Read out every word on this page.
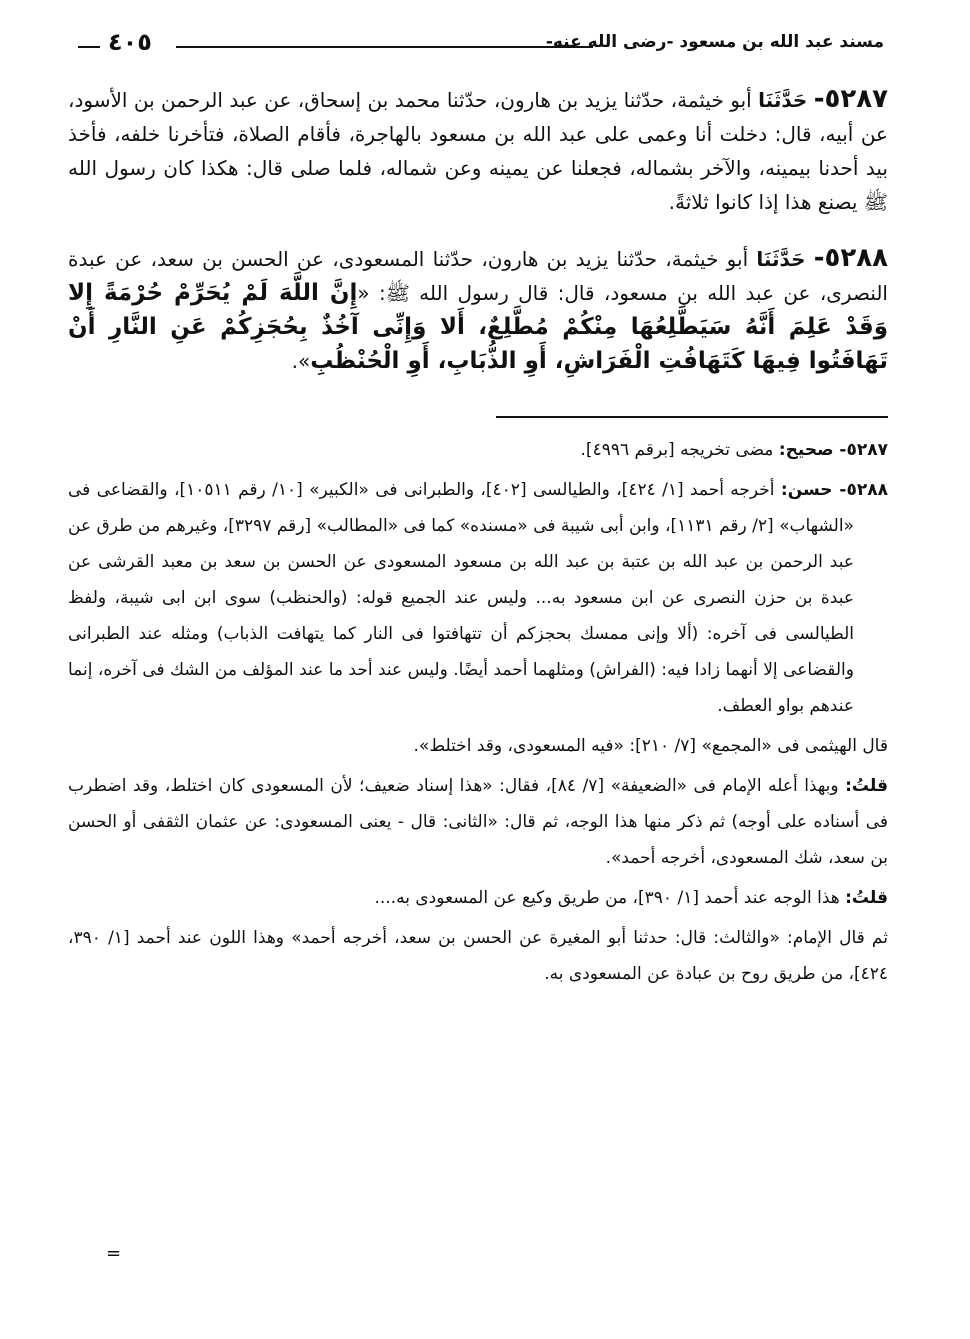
٤٠٥	مسند عبد الله بن مسعود -رضى الله عنه-

٥٢٨٧- حَدَّثَنَا أبو خيثمة، حدّثنا يزيد بن هارون، حدّثنا محمد بن إسحاق، عن عبد الرحمن بن الأسود، عن أبيه، قال: دخلت أنا وعمى على عبد الله بن مسعود بالهاجرة، فأقام الصلاة، فتأخرنا خلفه، فأخذ بيد أحدنا بيمينه، والآخر بشماله، فجعلنا عن يمينه وعن شماله، فلما صلى قال: هكذا كان رسول الله ﷺ يصنع هذا إذا كانوا ثلاثةً.

٥٢٨٨- حَدَّثَنَا أبو خيثمة، حدّثنا يزيد بن هارون، حدّثنا المسعودى، عن الحسن بن سعد، عن عبدة النصرى، عن عبد الله بن مسعود، قال: قال رسول الله ﷺ: «إِنَّ اللَّهَ لَمْ يُحَرِّمْ حُرْمَةً إِلا وَقَدْ عَلِمَ أَنَّهُ سَيَطَّلِعُهَا مِنْكُمْ مُطَّلِعٌ، أَلا وَإِنِّى آخُذٌ بِحُجَزِكُمْ عَنِ النَّارِ أَنْ تَهَافَتُوا فِيهَا كَتَهَافُتِ الْفَرَاشِ، أَوِ الذُّبَابِ، أَوِ الْحُنْظُبِ».

٥٢٨٧- صحيح: مضى تخريجه [برقم ٤٩٩٦].

٥٢٨٨- حسن: أخرجه أحمد [١/ ٤٢٤]، والطيالسى [٤٠٢]، والطبرانى فى «الكبير» [١٠/ رقم ١٠٥١١]، والقضاعى فى «الشهاب» [٢/ رقم ١١٣١]، وابن أبى شيبة فى «مسنده» كما فى «المطالب» [رقم ٣٢٩٧]، وغيرهم من طرق عن عبد الرحمن بن عبد الله بن عتبة بن عبد الله بن مسعود المسعودى عن الحسن بن سعد بن معبد القرشى عن عبدة بن حزن النصرى عن ابن مسعود به... وليس عند الجميع قوله: (والحنظب) سوى ابن ابى شيبة، ولفظ الطيالسى فى آخره: (ألا وإنى ممسك بحجزكم أن تتهافتوا فى النار كما يتهافت الذباب) ومثله عند الطبرانى والقضاعى إلا أنهما زادا فيه: (الفراش) ومثلهما أحمد أيضًا. وليس عند أحد ما عند المؤلف من الشك فى آخره، إنما عندهم بواو العطف.

قال الهيثمى فى «المجمع» [٧/ ٢١٠]: «فيه المسعودى، وقد اختلط».

قلتُ: وبهذا أعله الإمام فى «الضعيفة» [٧/ ٨٤]، فقال: «هذا إسناد ضعيف؛ لأن المسعودى كان اختلط، وقد اضطرب فى أسناده على أوجه) ثم ذكر منها هذا الوجه، ثم قال: «الثانى: قال - يعنى المسعودى: عن عثمان الثقفى أو الحسن بن سعد، شك المسعودى، أخرجه أحمد».

قلتُ: هذا الوجه عند أحمد [١/ ٣٩٠]، من طريق وكيع عن المسعودى به....

ثم قال الإمام: «والثالث: قال: حدثنا أبو المغيرة عن الحسن بن سعد، أخرجه أحمد» وهذا اللون عند أحمد [١/ ٣٩٠، ٤٢٤]، من طريق روح بن عبادة عن المسعودى به.

=
